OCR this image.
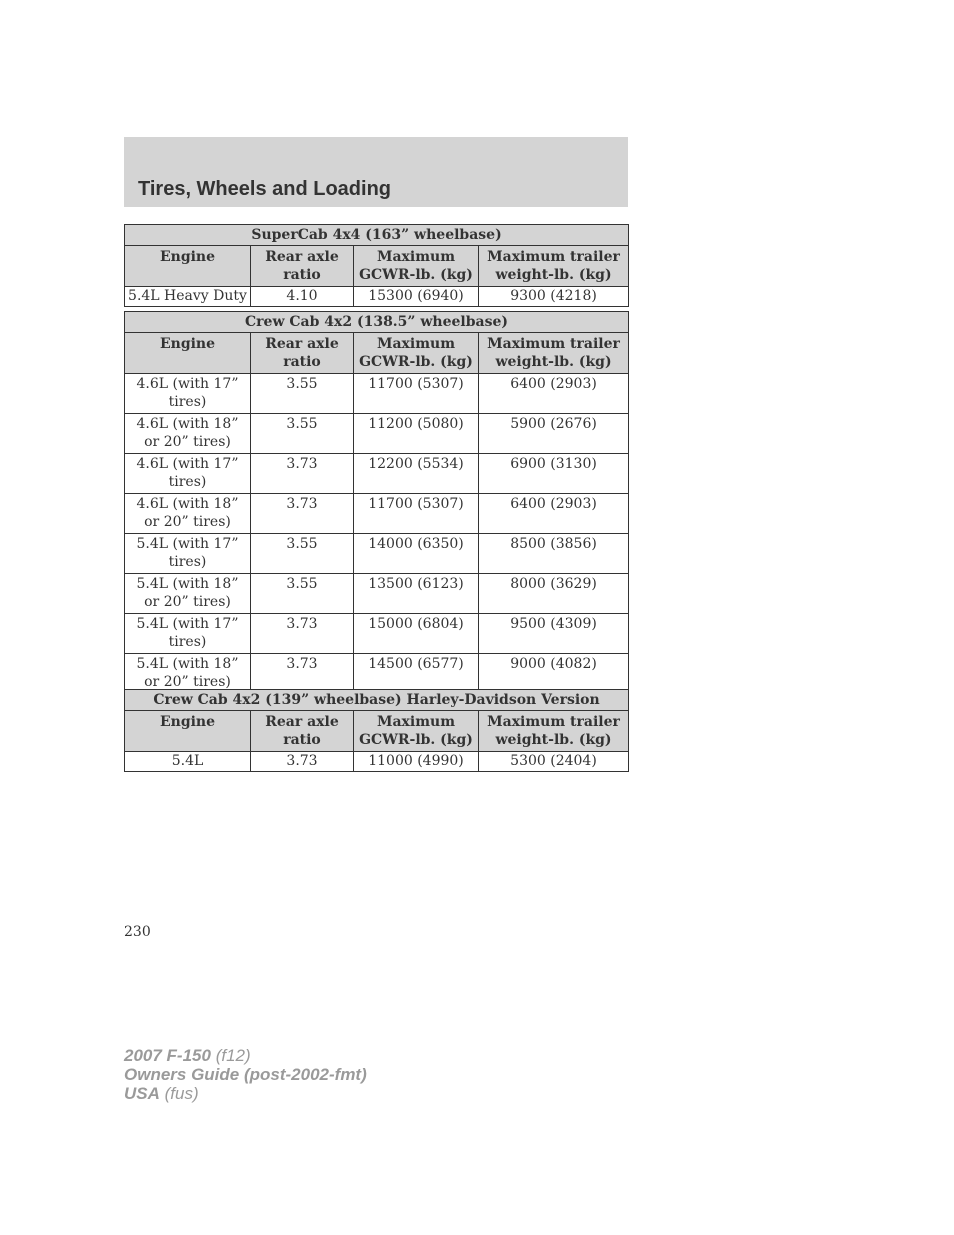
Tires, Wheels and Loading
SuperCab 4x4 (163” wheelbase)			
Engine	Rear axle ratio	Maximum GCWR-lb. (kg)	Maximum trailer weight-lb. (kg)
5.4L Heavy Duty	4.10	15300 (6940)	9300 (4218)
Crew Cab 4x2 (138.5” wheelbase)			
Engine	Rear axle ratio	Maximum GCWR-lb. (kg)	Maximum trailer weight-lb. (kg)
4.6L (with 17” tires)	3.55	11700 (5307)	6400 (2903)
4.6L (with 18” or 20” tires)	3.55	11200 (5080)	5900 (2676)
4.6L (with 17” tires)	3.73	12200 (5534)	6900 (3130)
4.6L (with 18” or 20” tires)	3.73	11700 (5307)	6400 (2903)
5.4L (with 17” tires)	3.55	14000 (6350)	8500 (3856)
5.4L (with 18” or 20” tires)	3.55	13500 (6123)	8000 (3629)
5.4L (with 17” tires)	3.73	15000 (6804)	9500 (4309)
5.4L (with 18” or 20” tires)	3.73	14500 (6577)	9000 (4082)
Crew Cab 4x2 (139” wheelbase) Harley-Davidson Version			
Engine	Rear axle ratio	Maximum GCWR-lb. (kg)	Maximum trailer weight-lb. (kg)
5.4L	3.73	11000 (4990)	5300 (2404)
230
2007 F-150 (f12)
Owners Guide (post-2002-fmt)
USA (fus)
